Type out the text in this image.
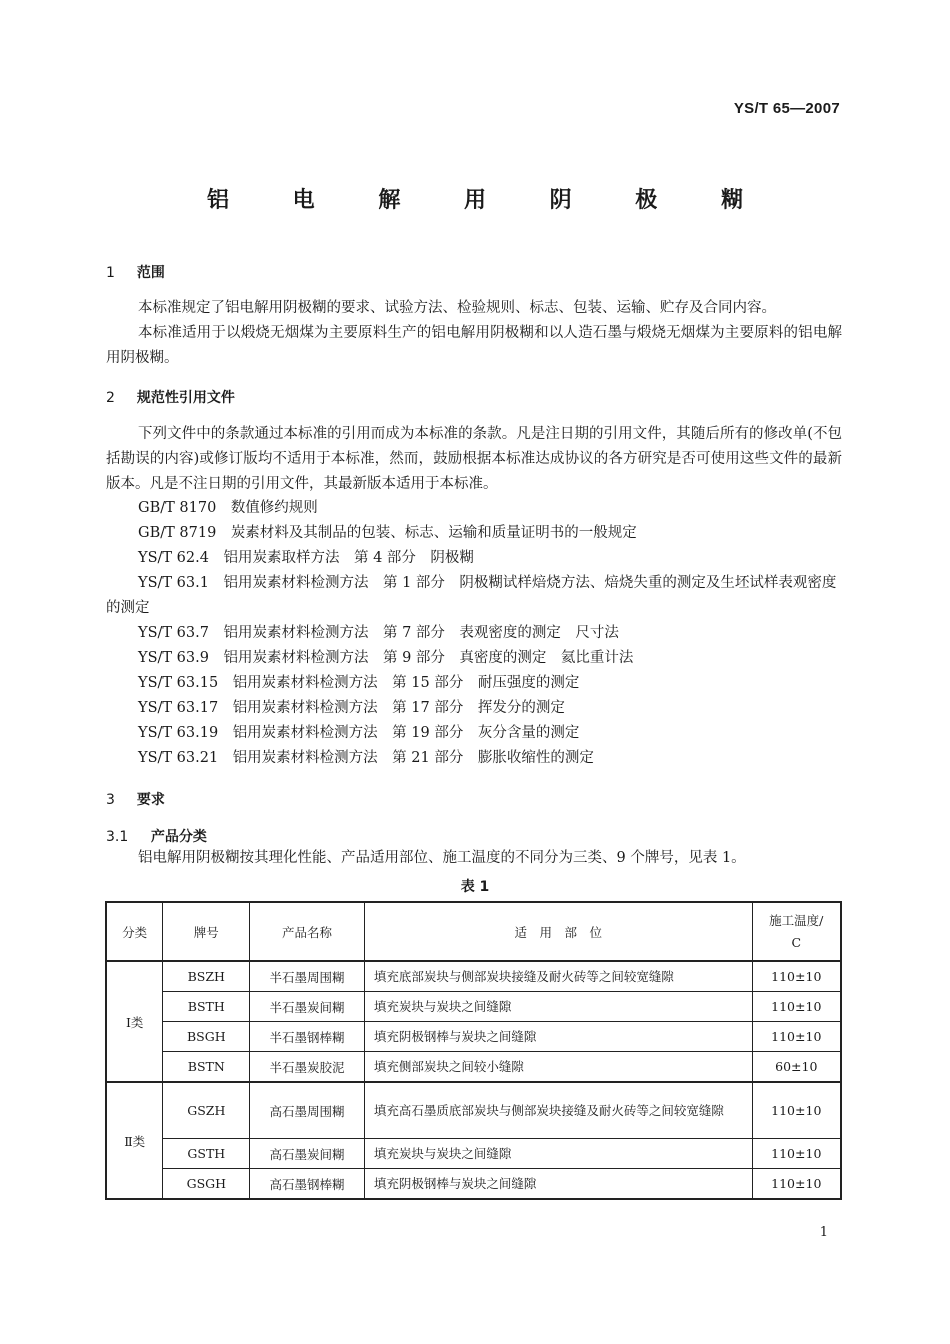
YS/T 65—2007
铝 电 解 用 阴 极 糊
1 范围
本标准规定了铝电解用阴极糊的要求、试验方法、检验规则、标志、包装、运输、贮存及合同内容。
本标准适用于以煅烧无烟煤为主要原料生产的铝电解用阴极糊和以人造石墨与煅烧无烟煤为主要原料的铝电解用阴极糊。
2 规范性引用文件
下列文件中的条款通过本标准的引用而成为本标准的条款。凡是注日期的引用文件，其随后所有的修改单(不包括勘误的内容)或修订版均不适用于本标准，然而，鼓励根据本标准达成协议的各方研究是否可使用这些文件的最新版本。凡是不注日期的引用文件，其最新版本适用于本标准。
GB/T 8170　 数值修约规则
GB/T 8719　 炭素材料及其制品的包装、标志、运输和质量证明书的一般规定
YS/T 62.4　 铝用炭素取样方法　第 4 部分　阴极糊
YS/T 63.1　 铝用炭素材料检测方法　第 1 部分　阴极糊试样焙烧方法、焙烧失重的测定及生坯试样表观密度的测定
YS/T 63.7　 铝用炭素材料检测方法　第 7 部分　表观密度的测定　尺寸法
YS/T 63.9　 铝用炭素材料检测方法　第 9 部分　真密度的测定　氦比重计法
YS/T 63.15　 铝用炭素材料检测方法　第 15 部分　耐压强度的测定
YS/T 63.17　 铝用炭素材料检测方法　第 17 部分　挥发分的测定
YS/T 63.19　 铝用炭素材料检测方法　第 19 部分　灰分含量的测定
YS/T 63.21　 铝用炭素材料检测方法　第 21 部分　膨胀收缩性的测定
3 要求
3.1 产品分类
铝电解用阴极糊按其理化性能、产品适用部位、施工温度的不同分为三类、9 个牌号，见表 1。
表 1
分类	牌号	产品名称	适　用　部　位	施工温度/
C
Ⅰ类	BSZH	半石墨周围糊	填充底部炭块与侧部炭块接缝及耐火砖等之间较宽缝隙	110±10
	BSTH	半石墨炭间糊	填充炭块与炭块之间缝隙	110±10
	BSGH	半石墨钢棒糊	填充阴极钢棒与炭块之间缝隙	110±10
	BSTN	半石墨炭胶泥	填充侧部炭块之间较小缝隙	60±10
Ⅱ类	GSZH	高石墨周围糊	填充高石墨质底部炭块与侧部炭块接缝及耐火砖等之间较宽缝隙	110±10
	GSTH	高石墨炭间糊	填充炭块与炭块之间缝隙	110±10
	GSGH	高石墨钢棒糊	填充阴极钢棒与炭块之间缝隙	110±10
1
